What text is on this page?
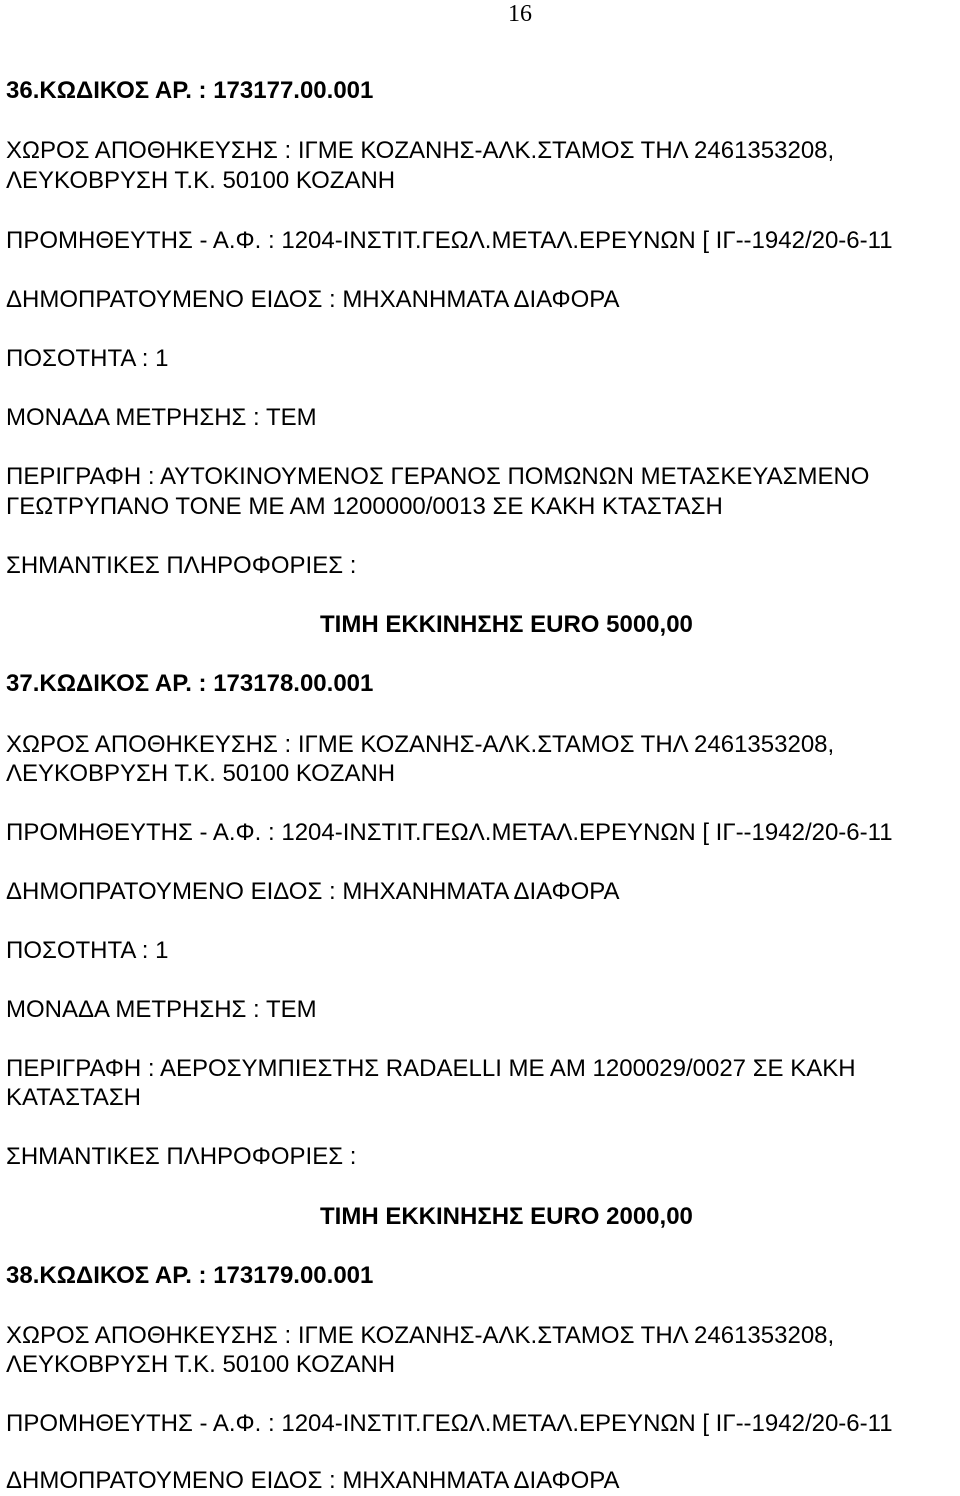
16
36.ΚΩΔΙΚΟΣ ΑΡ. : 173177.00.001
ΧΩΡΟΣ ΑΠΟΘΗΚΕΥΣΗΣ : ΙΓΜΕ ΚΟΖΑΝΗΣ-ΑΛΚ.ΣΤΑΜΟΣ ΤΗΛ 2461353208,
ΛΕΥΚΟΒΡΥΣΗ Τ.Κ. 50100 ΚΟΖΑΝΗ
ΠΡΟΜΗΘΕΥΤΗΣ - Α.Φ. : 1204-ΙΝΣΤΙΤ.ΓΕΩΛ.ΜΕΤΑΛ.ΕΡΕΥΝΩΝ [ ΙΓ--1942/20-6-11
ΔΗΜΟΠΡΑΤΟΥΜΕΝΟ ΕΙΔΟΣ : ΜΗΧΑΝΗΜΑΤΑ ΔΙΑΦΟΡΑ
ΠΟΣΟΤΗΤΑ : 1
ΜΟΝΑΔΑ ΜΕΤΡΗΣΗΣ : ΤΕΜ
ΠΕΡΙΓΡΑΦΗ : ΑΥΤΟΚΙΝΟΥΜΕΝΟΣ ΓΕΡΑΝΟΣ ΠΟΜΩΝΩΝ ΜΕΤΑΣΚΕΥΑΣΜΕΝΟ
ΓΕΩΤΡΥΠΑΝΟ ΤΟΝΕ ΜΕ ΑΜ 1200000/0013 ΣΕ ΚΑΚΗ ΚΤΑΣΤΑΣΗ
ΣΗΜΑΝΤΙΚΕΣ ΠΛΗΡΟΦΟΡΙΕΣ :
ΤΙΜΗ ΕΚΚΙΝΗΣΗΣ EURO 5000,00
37.ΚΩΔΙΚΟΣ ΑΡ. : 173178.00.001
ΧΩΡΟΣ ΑΠΟΘΗΚΕΥΣΗΣ : ΙΓΜΕ ΚΟΖΑΝΗΣ-ΑΛΚ.ΣΤΑΜΟΣ ΤΗΛ 2461353208,
ΛΕΥΚΟΒΡΥΣΗ Τ.Κ. 50100 ΚΟΖΑΝΗ
ΠΡΟΜΗΘΕΥΤΗΣ - Α.Φ. : 1204-ΙΝΣΤΙΤ.ΓΕΩΛ.ΜΕΤΑΛ.ΕΡΕΥΝΩΝ [ ΙΓ--1942/20-6-11
ΔΗΜΟΠΡΑΤΟΥΜΕΝΟ ΕΙΔΟΣ : ΜΗΧΑΝΗΜΑΤΑ ΔΙΑΦΟΡΑ
ΠΟΣΟΤΗΤΑ : 1
ΜΟΝΑΔΑ ΜΕΤΡΗΣΗΣ : ΤΕΜ
ΠΕΡΙΓΡΑΦΗ : ΑΕΡΟΣΥΜΠΙΕΣΤΗΣ RADAELLI ΜΕ ΑΜ 1200029/0027 ΣΕ ΚΑΚΗ
ΚΑΤΑΣΤΑΣΗ
ΣΗΜΑΝΤΙΚΕΣ ΠΛΗΡΟΦΟΡΙΕΣ :
ΤΙΜΗ ΕΚΚΙΝΗΣΗΣ EURO 2000,00
38.ΚΩΔΙΚΟΣ ΑΡ. : 173179.00.001
ΧΩΡΟΣ ΑΠΟΘΗΚΕΥΣΗΣ : ΙΓΜΕ ΚΟΖΑΝΗΣ-ΑΛΚ.ΣΤΑΜΟΣ ΤΗΛ 2461353208,
ΛΕΥΚΟΒΡΥΣΗ Τ.Κ. 50100 ΚΟΖΑΝΗ
ΠΡΟΜΗΘΕΥΤΗΣ - Α.Φ. : 1204-ΙΝΣΤΙΤ.ΓΕΩΛ.ΜΕΤΑΛ.ΕΡΕΥΝΩΝ [ ΙΓ--1942/20-6-11
ΔΗΜΟΠΡΑΤΟΥΜΕΝΟ ΕΙΔΟΣ : ΜΗΧΑΝΗΜΑΤΑ ΔΙΑΦΟΡΑ
